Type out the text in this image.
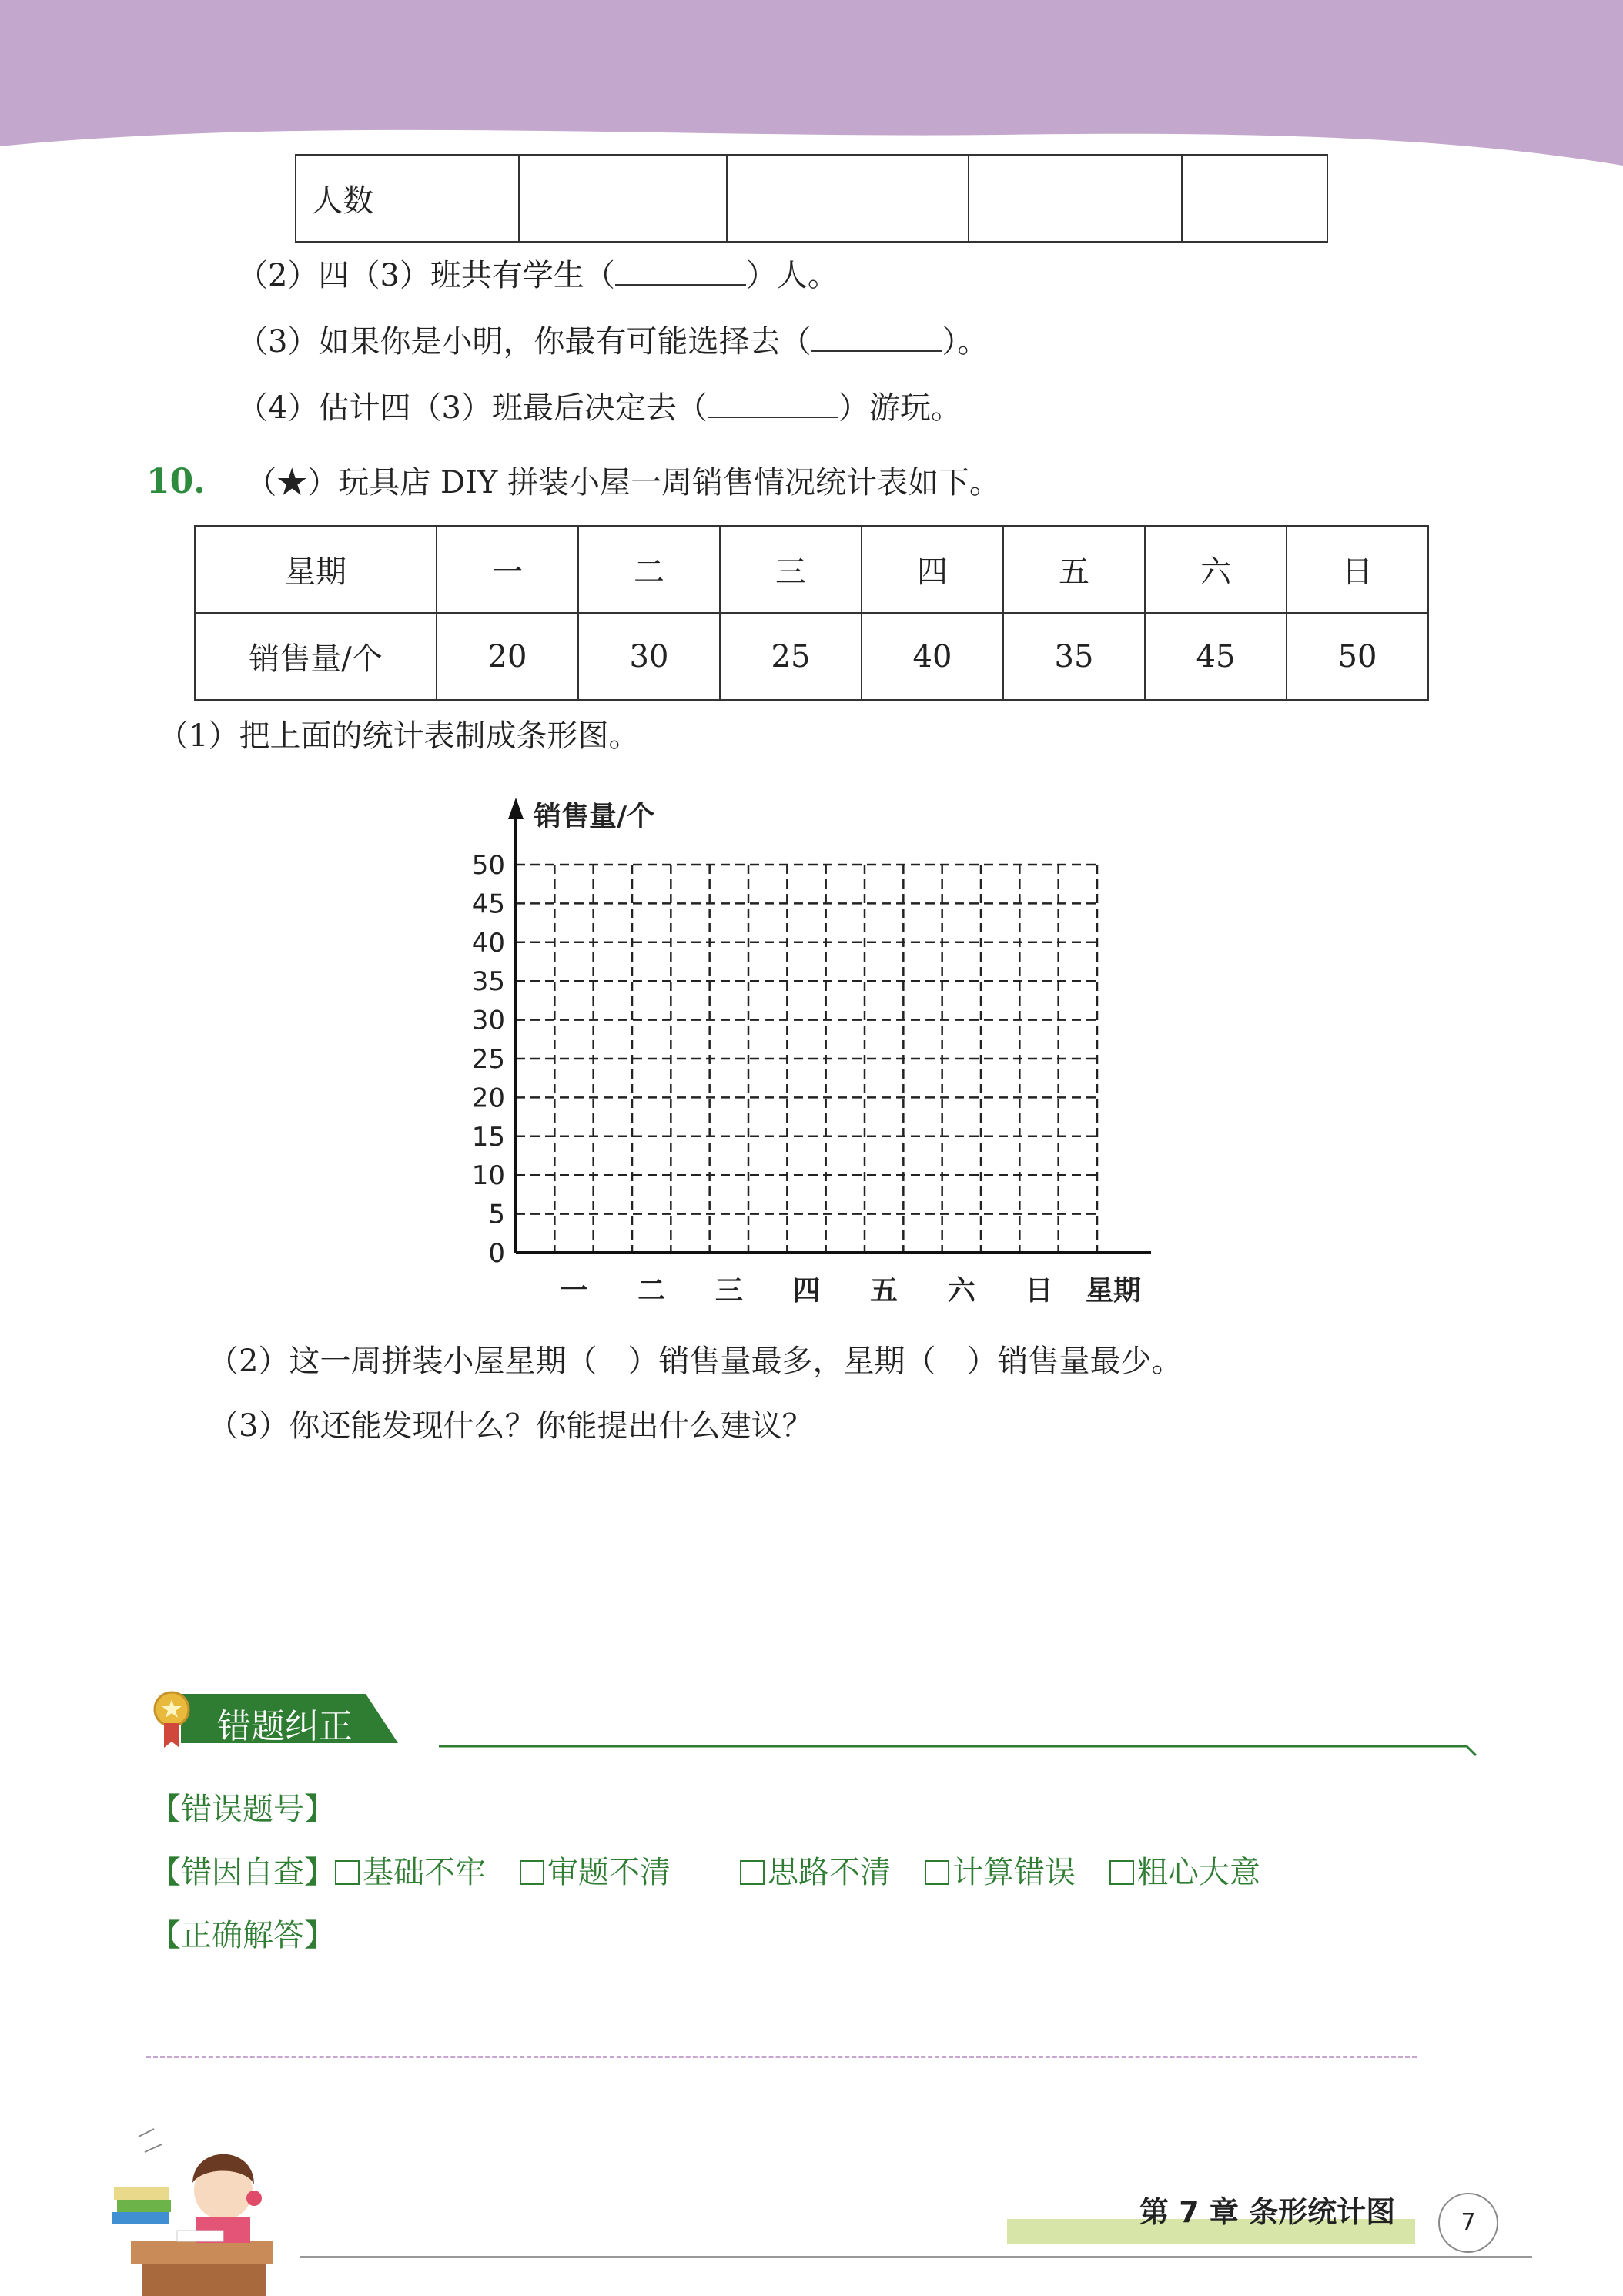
人数				
（2）四（3）班共有学生（	）人。
（3）如果你是小明，你最有可能选择去（	）。
（4）估计四（3）班最后决定去（	）游玩。
10. （★）玩具店 DIY 拼装小屋一周销售情况统计表如下。
星期	一	二	三	四	五	六	日
销售量/个	20	30	25	40	35	45	50
（1）把上面的统计表制成条形图。
销售量/个
星期
0
5
10
15
20
25
30
35
40
45
50
一 二 三 四 五 六 日
（2）这一周拼装小屋星期（　）销售量最多，星期（　）销售量最少。
（3）你还能发现什么？你能提出什么建议？
错题纠正
【错误题号】
【错因自查】 基础不牢 审题不清	思路不清 计算错误 粗心大意
【正确解答】
第 7 章 条形统计图	7
